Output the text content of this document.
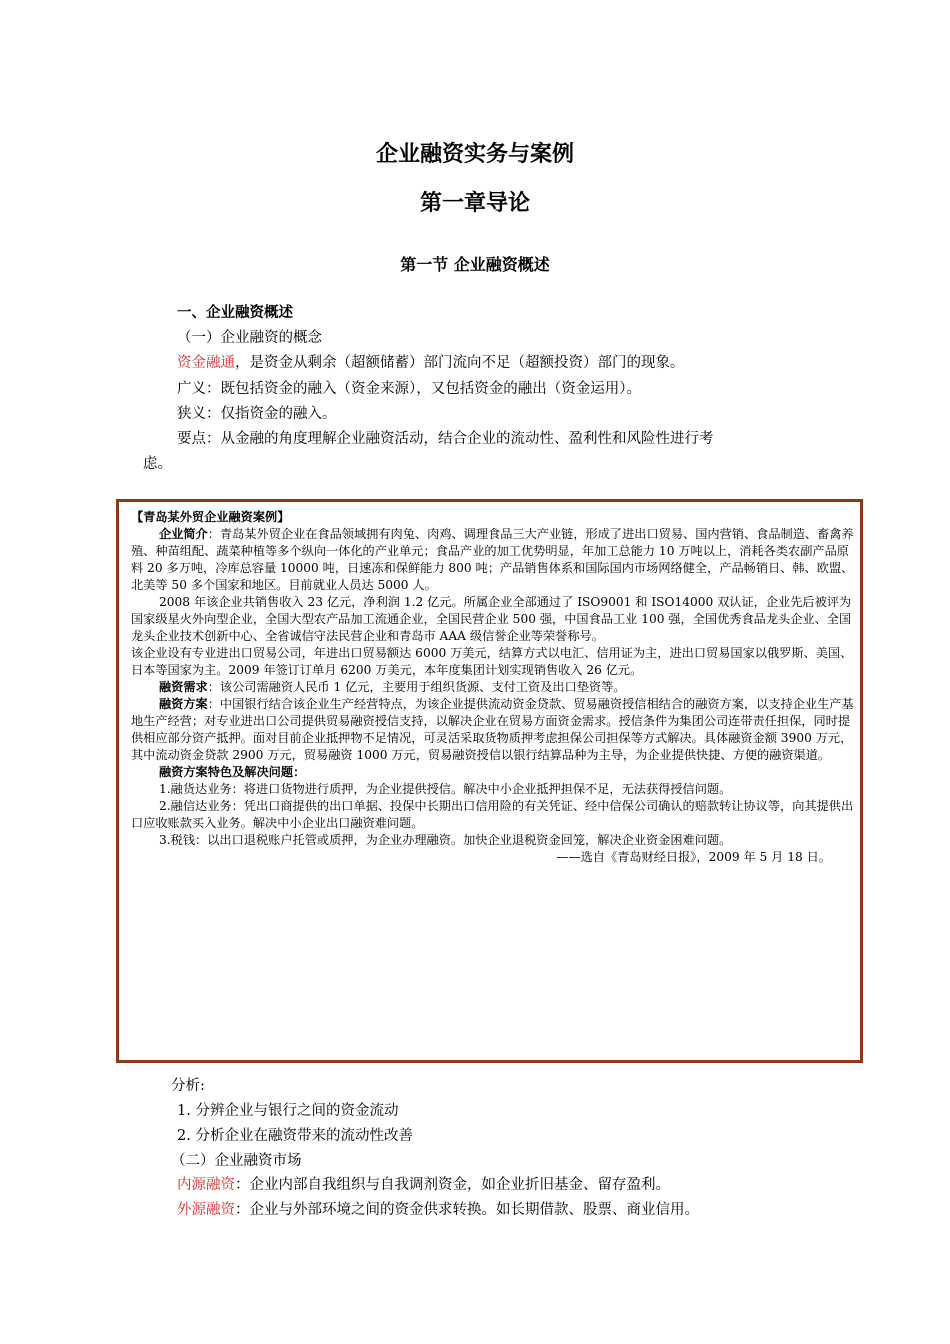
企业融资实务与案例
第一章导论
第一节 企业融资概述
一、企业融资概述
（一）企业融资的概念
资金融通，是资金从剩余（超额储蓄）部门流向不足（超额投资）部门的现象。
广义：既包括资金的融入（资金来源），又包括资金的融出（资金运用）。
狭义：仅指资金的融入。
要点：从金融的角度理解企业融资活动，结合企业的流动性、盈利性和风险性进行考
虑。

【青岛某外贸企业融资案例】

企业简介：青岛某外贸企业在食品领域拥有肉兔、肉鸡、调理食品三大产业链，形成了进出口贸易、国内营销、食品制造、畜禽养殖、种苗组配、蔬菜种植等多个纵向一体化的产业单元；食品产业的加工优势明显，年加工总能力 10 万吨以上，消耗各类农副产品原料 20 多万吨，冷库总容量 10000 吨，日速冻和保鲜能力 800 吨；产品销售体系和国际国内市场网络健全，产品畅销日、韩、欧盟、北美等 50 多个国家和地区。目前就业人员达 5000 人。

2008 年该企业共销售收入 23 亿元，净利润 1.2 亿元。所属企业全部通过了 ISO9001 和 ISO14000 双认证，企业先后被评为国家级星火外向型企业，全国大型农产品加工流通企业，全国民营企业 500 强，中国食品工业 100 强，全国优秀食品龙头企业、全国龙头企业技术创新中心、全省诚信守法民营企业和青岛市 AAA 级信誉企业等荣誉称号。

该企业设有专业进出口贸易公司，年进出口贸易额达 6000 万美元，结算方式以电汇、信用证为主，进出口贸易国家以俄罗斯、美国、日本等国家为主。2009 年签订订单月 6200 万美元，本年度集团计划实现销售收入 26 亿元。

融资需求：该公司需融资人民币 1 亿元，主要用于组织货源、支付工资及出口垫资等。

融资方案：中国银行结合该企业生产经营特点，为该企业提供流动资金贷款、贸易融资授信相结合的融资方案，以支持企业生产基地生产经营；对专业进出口公司提供贸易融资授信支持，以解决企业在贸易方面资金需求。授信条件为集团公司连带责任担保，同时提供相应部分资产抵押。面对目前企业抵押物不足情况，可灵活采取货物质押考虑担保公司担保等方式解决。具体融资金额 3900 万元，其中流动资金贷款 2900 万元，贸易融资 1000 万元，贸易融资授信以银行结算品种为主导，为企业提供快捷、方便的融资渠道。

融资方案特色及解决问题：

1.融货达业务：将进口货物进行质押，为企业提供授信。解决中小企业抵押担保不足，无法获得授信问题。

2.融信达业务：凭出口商提供的出口单据、投保中长期出口信用险的有关凭证、经中信保公司确认的赔款转让协议等，向其提供出口应收账款买入业务。解决中小企业出口融资难问题。

3.税钱：以出口退税账户托管或质押，为企业办理融资。加快企业退税资金回笼，解决企业资金困难问题。

——选自《青岛财经日报》，2009 年 5 月 18 日。

分析:
1. 分辨企业与银行之间的资金流动
2. 分析企业在融资带来的流动性改善
（二）企业融资市场
内源融资：企业内部自我组织与自我调剂资金，如企业折旧基金、留存盈利。
外源融资：企业与外部环境之间的资金供求转换。如长期借款、股票、商业信用。
